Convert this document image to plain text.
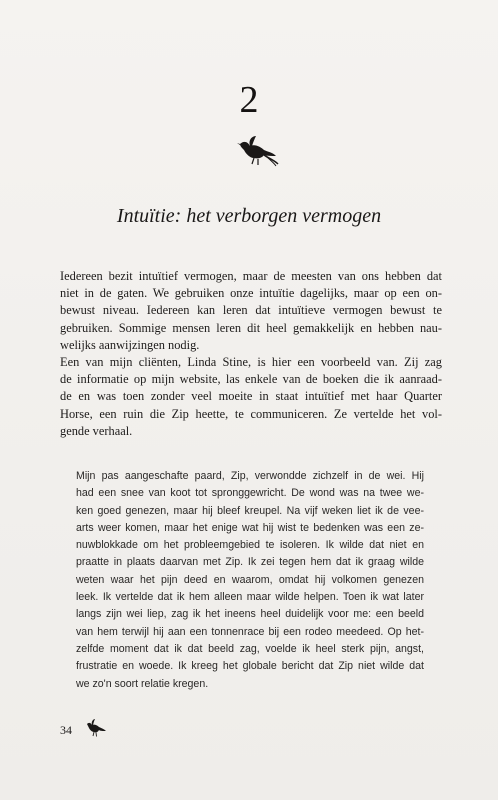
2
Intuïtie: het verborgen vermogen
Iedereen bezit intuïtief vermogen, maar de meesten van ons hebben dat
niet in de gaten. We gebruiken onze intuïtie dagelijks, maar op een on-
bewust niveau. Iedereen kan leren dat intuïtieve vermogen bewust te
gebruiken. Sommige mensen leren dit heel gemakkelijk en hebben nau-
welijks aanwijzingen nodig.
Een van mijn cliënten, Linda Stine, is hier een voorbeeld van. Zij zag
de informatie op mijn website, las enkele van de boeken die ik aanraad-
de en was toen zonder veel moeite in staat intuïtief met haar Quarter
Horse, een ruin die Zip heette, te communiceren. Ze vertelde het vol-
gende verhaal.
Mijn pas aangeschafte paard, Zip, verwondde zichzelf in de wei. Hij
had een snee van koot tot spronggewricht. De wond was na twee we-
ken goed genezen, maar hij bleef kreupel. Na vijf weken liet ik de vee-
arts weer komen, maar het enige wat hij wist te bedenken was een ze-
nuwblokkade om het probleemgebied te isoleren. Ik wilde dat niet en
praatte in plaats daarvan met Zip. Ik zei tegen hem dat ik graag wilde
weten waar het pijn deed en waarom, omdat hij volkomen genezen
leek. Ik vertelde dat ik hem alleen maar wilde helpen. Toen ik wat later
langs zijn wei liep, zag ik het ineens heel duidelijk voor me: een beeld
van hem terwijl hij aan een tonnenrace bij een rodeo meedeed. Op het-
zelfde moment dat ik dat beeld zag, voelde ik heel sterk pijn, angst,
frustratie en woede. Ik kreeg het globale bericht dat Zip niet wilde dat
we zo'n soort relatie kregen.
34
